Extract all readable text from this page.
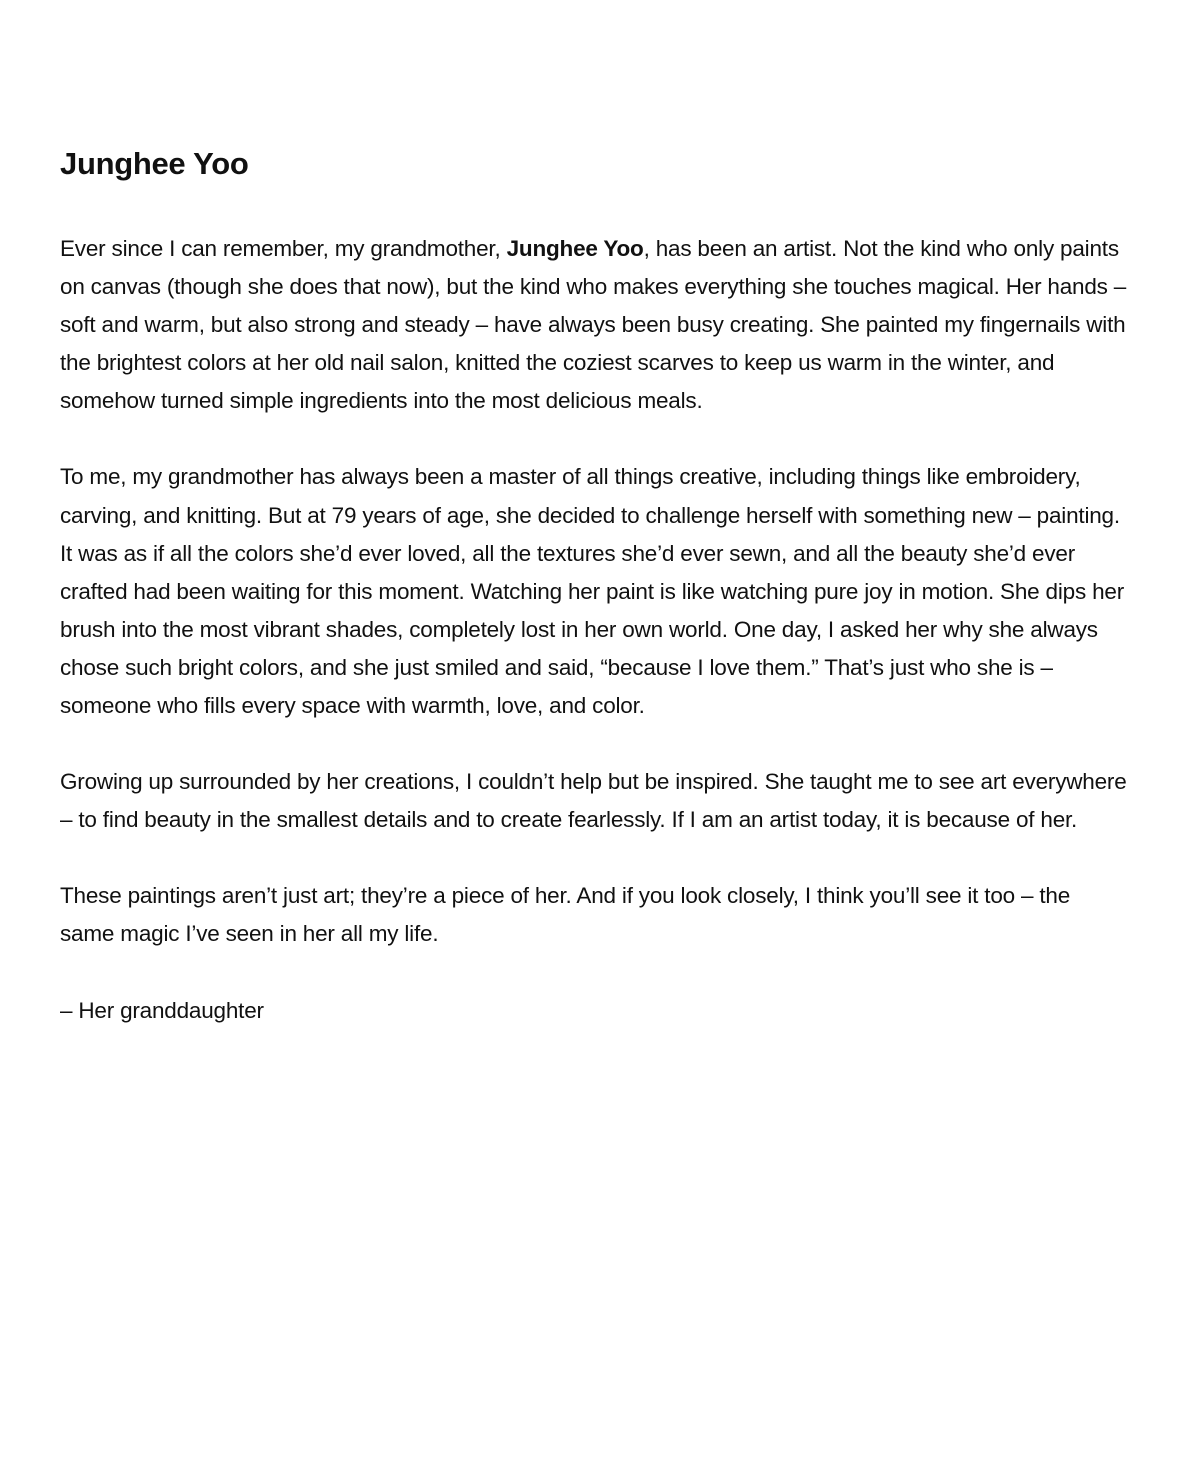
Junghee Yoo

Ever since I can remember, my grandmother, Junghee Yoo, has been an artist. Not the kind who only paints on canvas (though she does that now), but the kind who makes everything she touches magical. Her hands – soft and warm, but also strong and steady – have always been busy creating. She painted my fingernails with the brightest colors at her old nail salon, knitted the coziest scarves to keep us warm in the winter, and somehow turned simple ingredients into the most delicious meals.

To me, my grandmother has always been a master of all things creative, including things like embroidery, carving, and knitting. But at 79 years of age, she decided to challenge herself with something new – painting. It was as if all the colors she’d ever loved, all the textures she’d ever sewn, and all the beauty she’d ever crafted had been waiting for this moment. Watching her paint is like watching pure joy in motion. She dips her brush into the most vibrant shades, completely lost in her own world. One day, I asked her why she always chose such bright colors, and she just smiled and said, “because I love them.” That’s just who she is – someone who fills every space with warmth, love, and color.

Growing up surrounded by her creations, I couldn’t help but be inspired. She taught me to see art everywhere – to find beauty in the smallest details and to create fearlessly. If I am an artist today, it is because of her.

These paintings aren’t just art; they’re a piece of her. And if you look closely, I think you’ll see it too – the same magic I’ve seen in her all my life.

– Her granddaughter
